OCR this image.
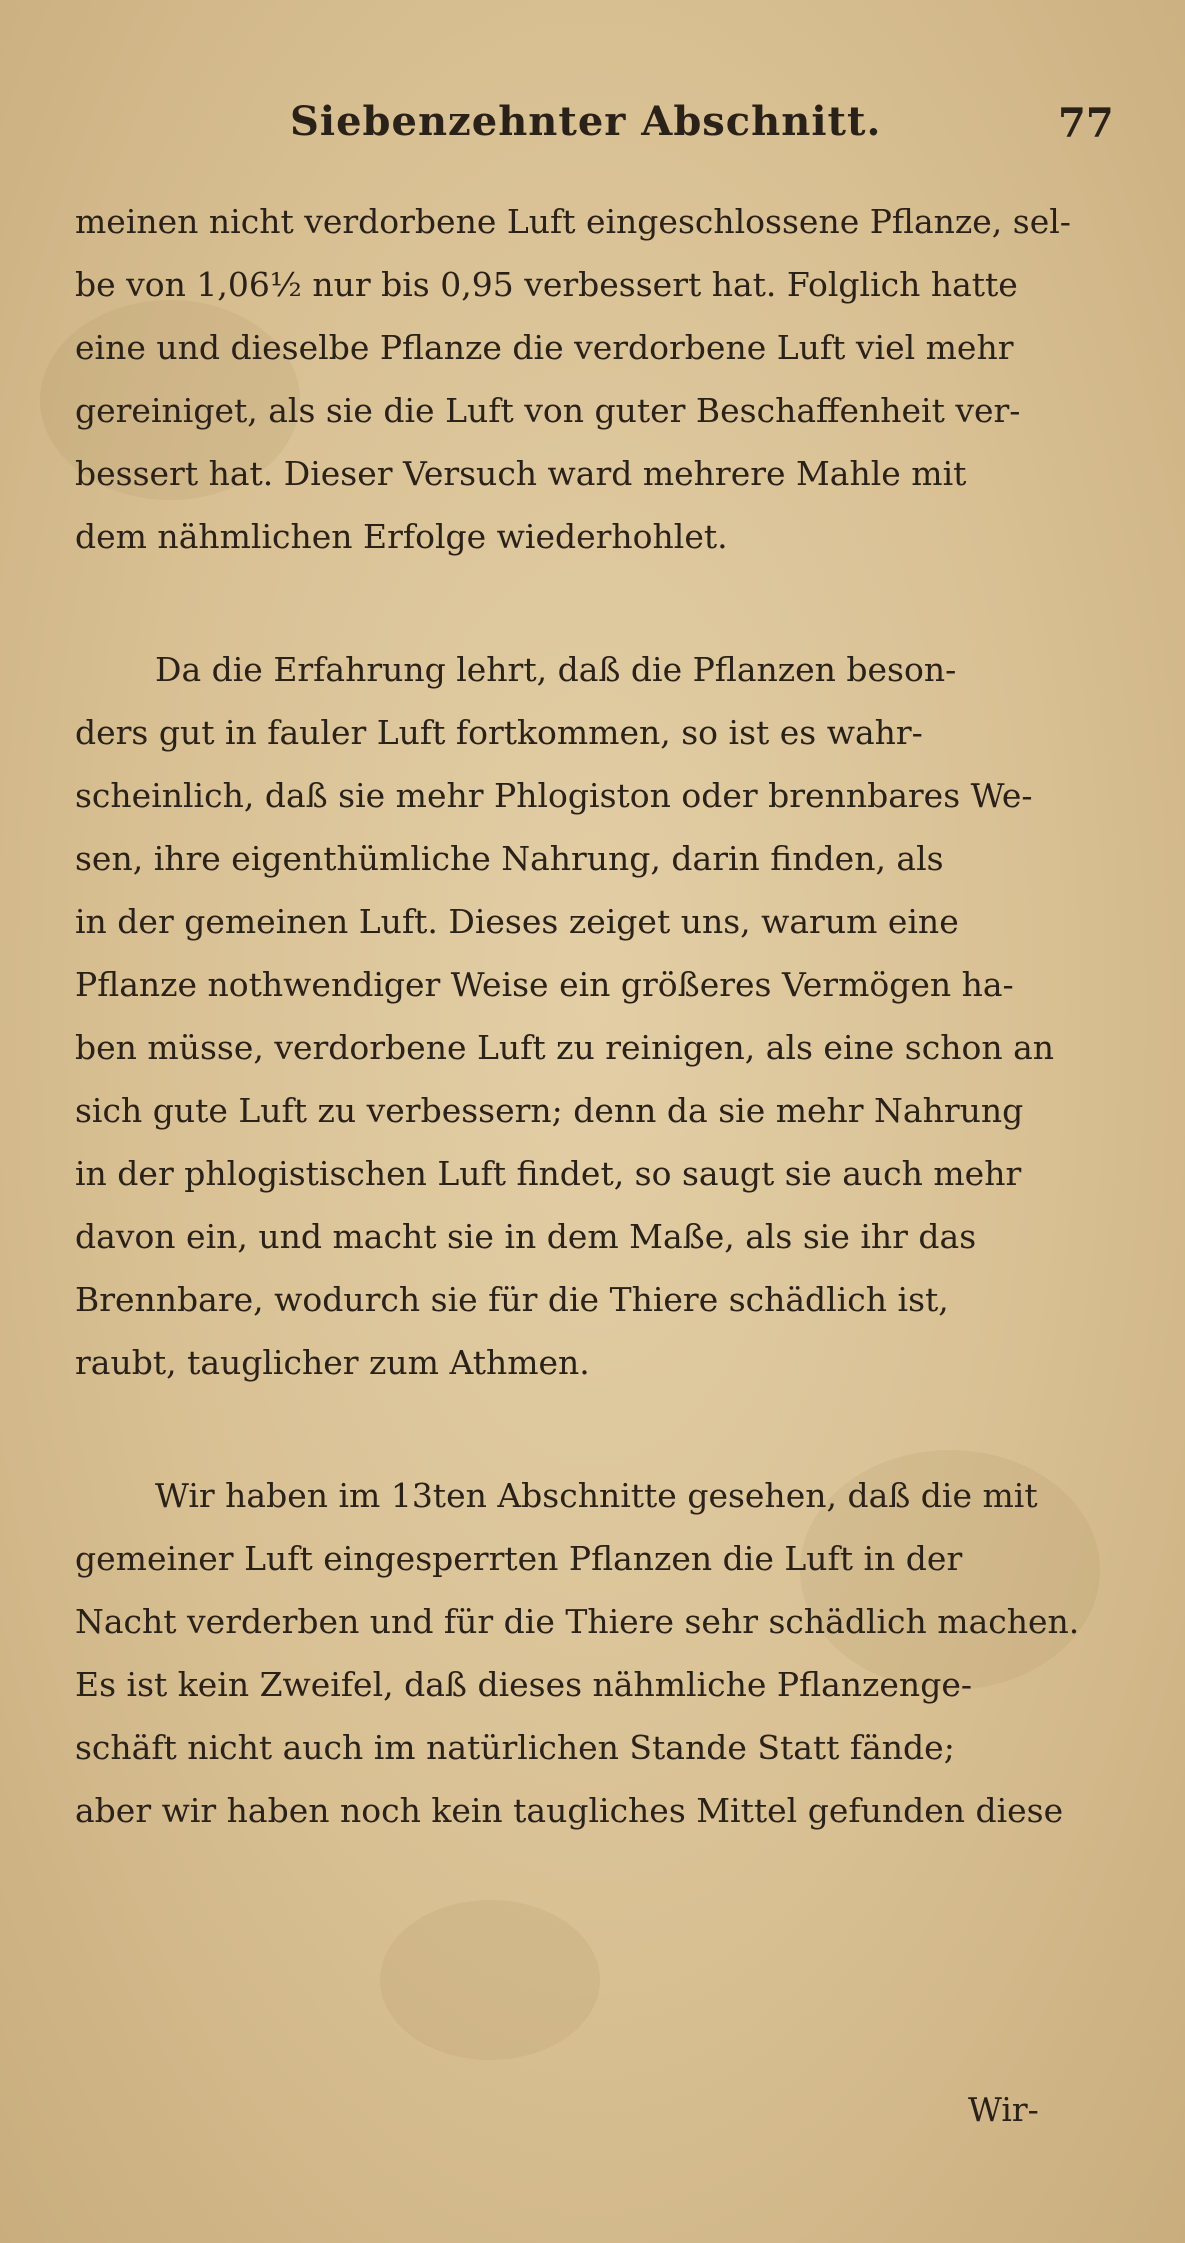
Siebenzehnter Abschnitt.	77
meinen nicht verdorbene Luft eingeschlossene Pflanze, sel-
be von 1,06½ nur bis 0,95 verbessert hat. Folglich hatte
eine und dieselbe Pflanze die verdorbene Luft viel mehr
gereiniget, als sie die Luft von guter Beschaffenheit ver-
bessert hat. Dieser Versuch ward mehrere Mahle mit
dem nähmlichen Erfolge wiederhohlet.
Da die Erfahrung lehrt, daß die Pflanzen beson-
ders gut in fauler Luft fortkommen, so ist es wahr-
scheinlich, daß sie mehr Phlogiston oder brennbares We-
sen, ihre eigenthümliche Nahrung, darin finden, als
in der gemeinen Luft. Dieses zeiget uns, warum eine
Pflanze nothwendiger Weise ein größeres Vermögen ha-
ben müsse, verdorbene Luft zu reinigen, als eine schon an
sich gute Luft zu verbessern; denn da sie mehr Nahrung
in der phlogistischen Luft findet, so saugt sie auch mehr
davon ein, und macht sie in dem Maße, als sie ihr das
Brennbare, wodurch sie für die Thiere schädlich ist,
raubt, tauglicher zum Athmen.
Wir haben im 13ten Abschnitte gesehen, daß die mit
gemeiner Luft eingesperrten Pflanzen die Luft in der
Nacht verderben und für die Thiere sehr schädlich machen.
Es ist kein Zweifel, daß dieses nähmliche Pflanzenge-
schäft nicht auch im natürlichen Stande Statt fände;
aber wir haben noch kein taugliches Mittel gefunden diese
Wir-
